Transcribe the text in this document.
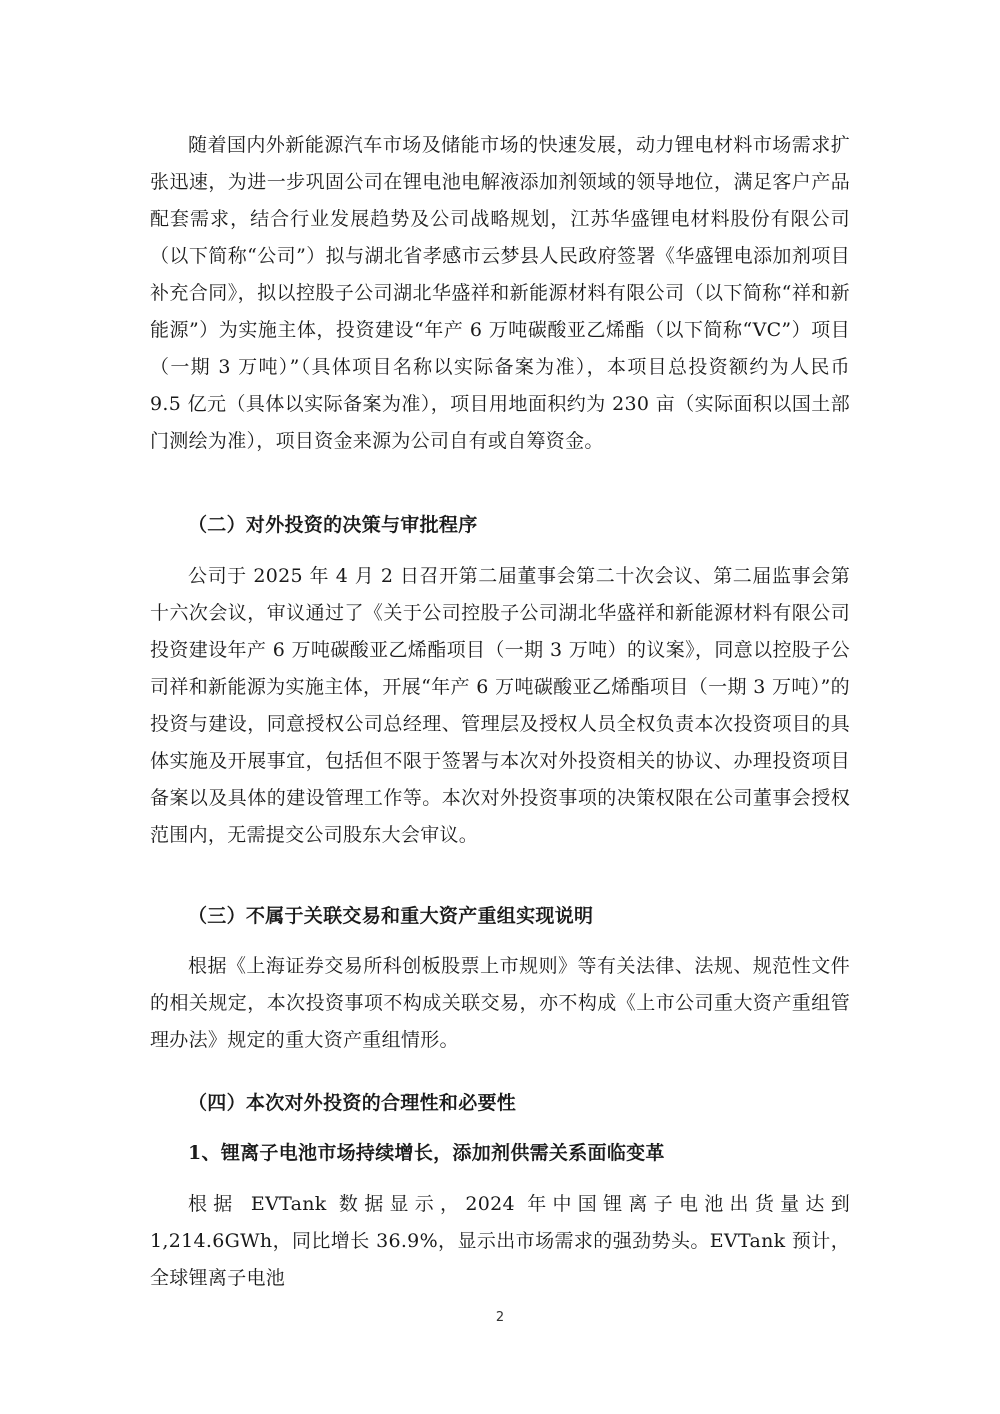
随着国内外新能源汽车市场及储能市场的快速发展，动力锂电材料市场需求扩张迅速，为进一步巩固公司在锂电池电解液添加剂领域的领导地位，满足客户产品配套需求，结合行业发展趋势及公司战略规划，江苏华盛锂电材料股份有限公司（以下简称“公司”）拟与湖北省孝感市云梦县人民政府签署《华盛锂电添加剂项目补充合同》，拟以控股子公司湖北华盛祥和新能源材料有限公司（以下简称“祥和新能源”）为实施主体，投资建设“年产 6 万吨碳酸亚乙烯酯（以下简称“VC”）项目（一期 3 万吨）”（具体项目名称以实际备案为准），本项目总投资额约为人民币 9.5 亿元（具体以实际备案为准），项目用地面积约为 230 亩（实际面积以国土部门测绘为准），项目资金来源为公司自有或自筹资金。

（二）对外投资的决策与审批程序

公司于 2025 年 4 月 2 日召开第二届董事会第二十次会议、第二届监事会第十六次会议，审议通过了《关于公司控股子公司湖北华盛祥和新能源材料有限公司投资建设年产 6 万吨碳酸亚乙烯酯项目（一期 3 万吨）的议案》，同意以控股子公司祥和新能源为实施主体，开展“年产 6 万吨碳酸亚乙烯酯项目（一期 3 万吨）”的投资与建设，同意授权公司总经理、管理层及授权人员全权负责本次投资项目的具体实施及开展事宜，包括但不限于签署与本次对外投资相关的协议、办理投资项目备案以及具体的建设管理工作等。本次对外投资事项的决策权限在公司董事会授权范围内，无需提交公司股东大会审议。

（三）不属于关联交易和重大资产重组实现说明

根据《上海证券交易所科创板股票上市规则》等有关法律、法规、规范性文件的相关规定，本次投资事项不构成关联交易，亦不构成《上市公司重大资产重组管理办法》规定的重大资产重组情形。

（四）本次对外投资的合理性和必要性

1、锂离子电池市场持续增长，添加剂供需关系面临变革

根据 EVTank 数据显示，2024 年中国锂离子电池出货量达到 1,214.6GWh，同比增长 36.9%，显示出市场需求的强劲势头。EVTank 预计，全球锂离子电池

2
